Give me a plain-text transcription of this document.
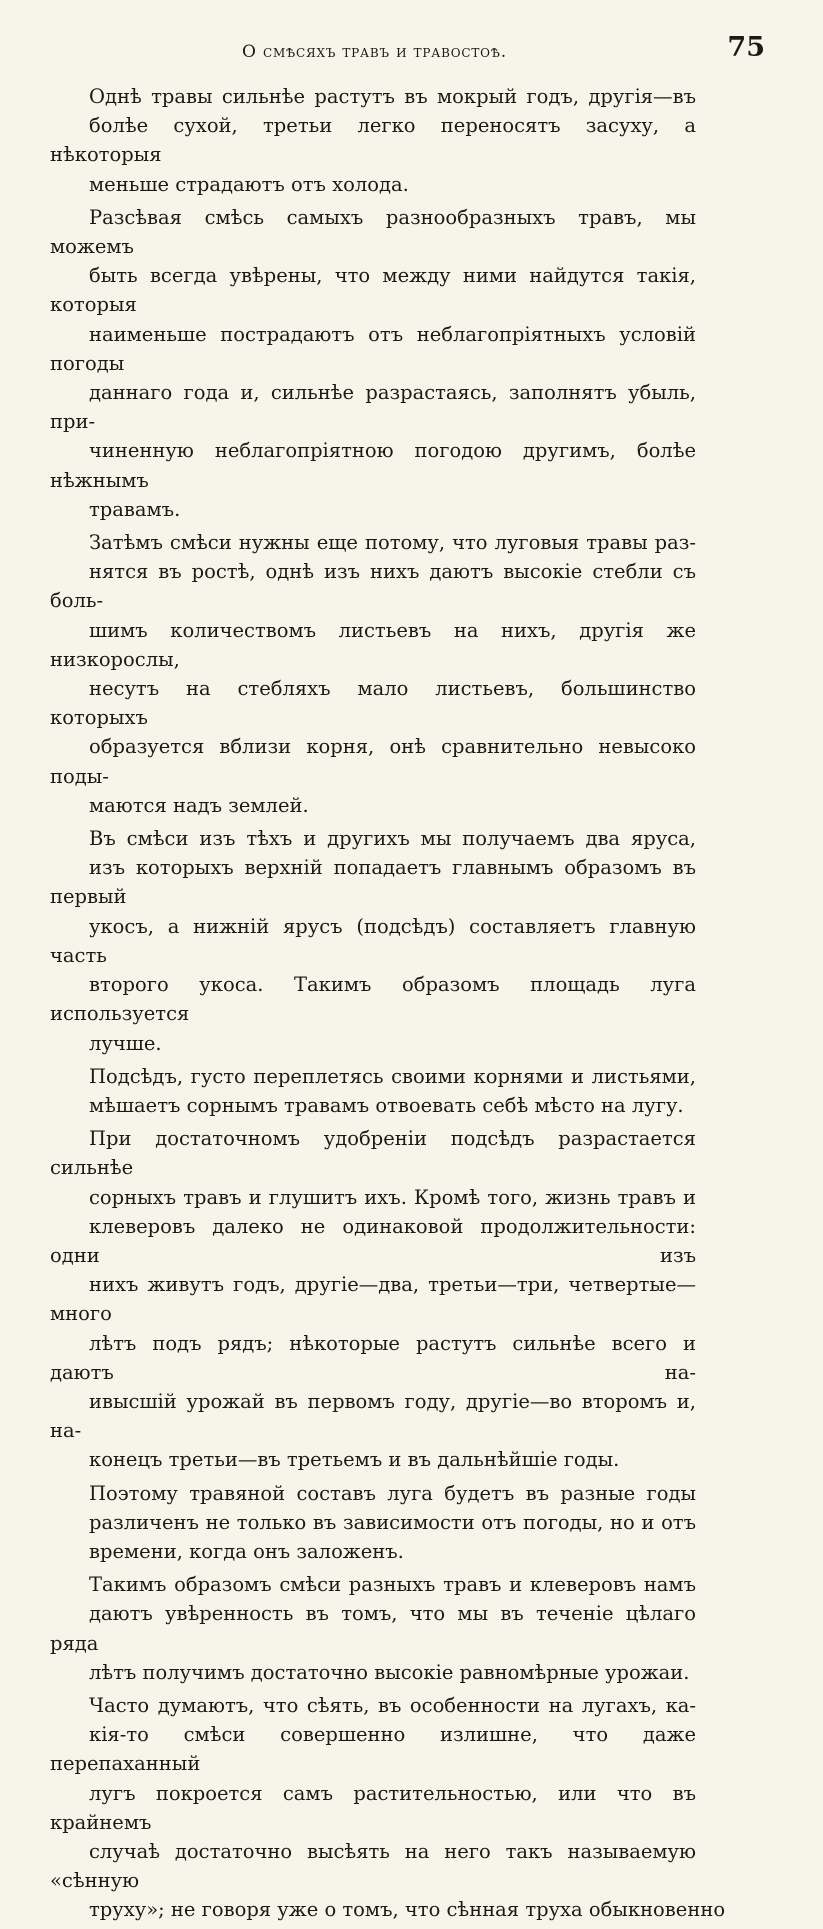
О смѣсяхъ травъ и травостоѣ.	75
Однѣ травы сильнѣе растутъ въ мокрый годъ, другія—въ
болѣе сухой, третьи легко переносятъ засуху, а нѣкоторыя
меньше страдаютъ отъ холода.
Разсѣвая смѣсь самыхъ разнообразныхъ травъ, мы можемъ
быть всегда увѣрены, что между ними найдутся такія, которыя
наименьше пострадаютъ отъ неблагопріятныхъ условій погоды
даннаго года и, сильнѣе разрастаясь, заполнятъ убыль, при-
чиненную неблагопріятною погодою другимъ, болѣе нѣжнымъ
травамъ.
Затѣмъ смѣси нужны еще потому, что луговыя травы раз-
нятся въ ростѣ, однѣ изъ нихъ даютъ высокіе стебли съ боль-
шимъ количествомъ листьевъ на нихъ, другія же низкорослы,
несутъ на стебляхъ мало листьевъ, большинство которыхъ
образуется вблизи корня, онѣ сравнительно невысоко поды-
маются надъ землей.
Въ смѣси изъ тѣхъ и другихъ мы получаемъ два яруса,
изъ которыхъ верхній попадаетъ главнымъ образомъ въ первый
укосъ, а нижній ярусъ (подсѣдъ) составляетъ главную часть
второго укоса. Такимъ образомъ площадь луга используется
лучше.
Подсѣдъ, густо переплетясь своими корнями и листьями,
мѣшаетъ сорнымъ травамъ отвоевать себѣ мѣсто на лугу.
При достаточномъ удобреніи подсѣдъ разрастается сильнѣе
сорныхъ травъ и глушитъ ихъ. Кромѣ того, жизнь травъ и
клеверовъ далеко не одинаковой продолжительности: одни изъ
нихъ живутъ годъ, другіе—два, третьи—три, четвертые—много
лѣтъ подъ рядъ; нѣкоторые растутъ сильнѣе всего и даютъ на-
ивысшій урожай въ первомъ году, другіе—во второмъ и, на-
конецъ третьи—въ третьемъ и въ дальнѣйшіе годы.
Поэтому травяной составъ луга будетъ въ разные годы
различенъ не только въ зависимости отъ погоды, но и отъ
времени, когда онъ заложенъ.
Такимъ образомъ смѣси разныхъ травъ и клеверовъ намъ
даютъ увѣренность въ томъ, что мы въ теченіе цѣлаго ряда
лѣтъ получимъ достаточно высокіе равномѣрные урожаи.
Часто думаютъ, что сѣять, въ особенности на лугахъ, ка-
кія-то смѣси совершенно излишне, что даже перепаханный
лугъ покроется самъ растительностью, или что въ крайнемъ
случаѣ достаточно высѣять на него такъ называемую «сѣнную
труху»; не говоря уже о томъ, что сѣнная труха обыкновенно
